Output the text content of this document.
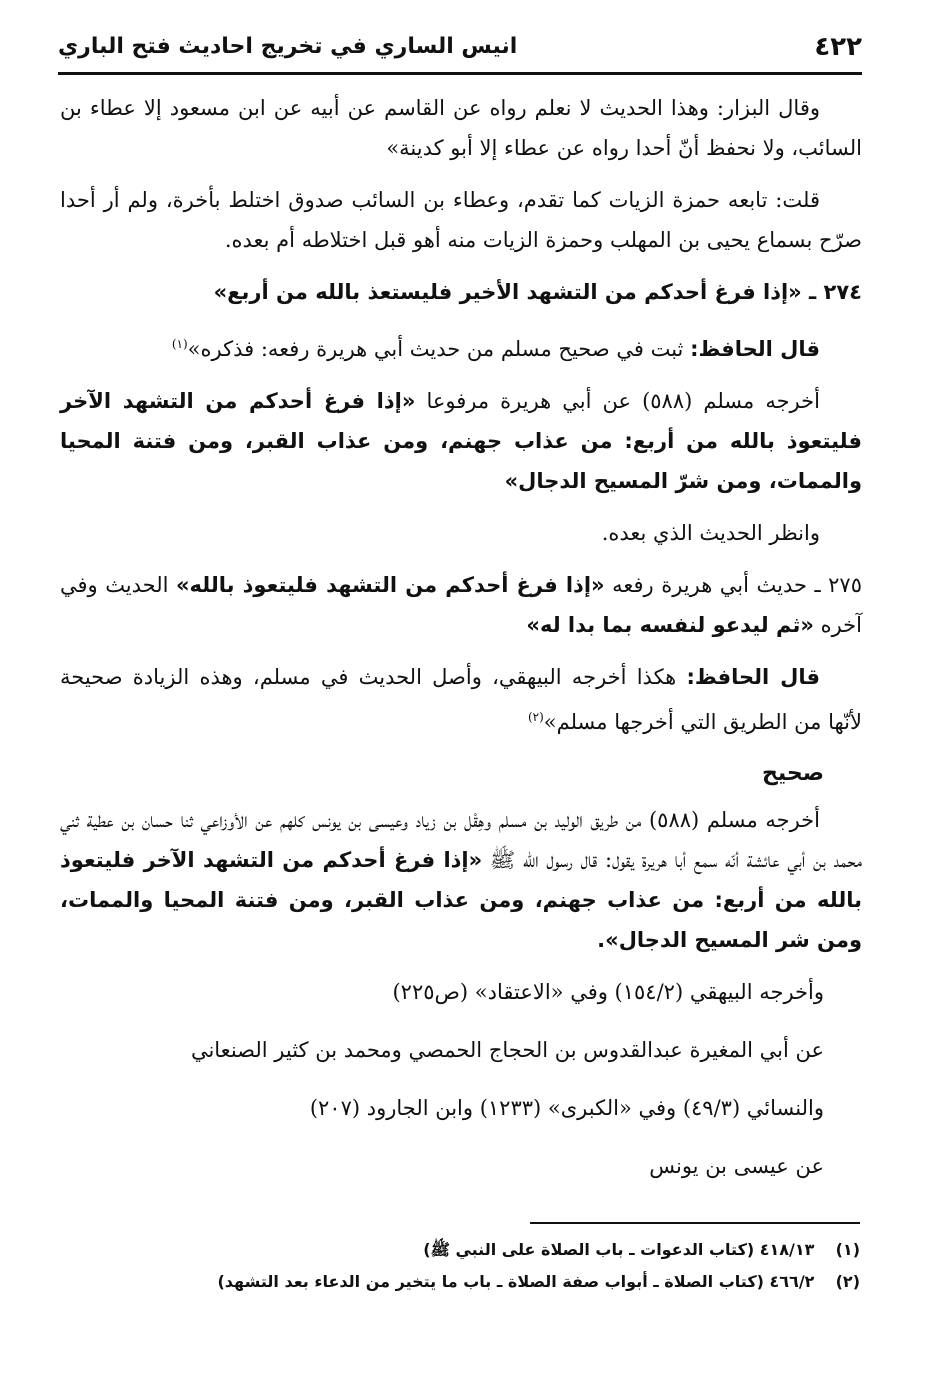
٤٢٢
انيس الساري في تخريج احاديث فتح الباري

وقال البزار: وهذا الحديث لا نعلم رواه عن القاسم عن أبيه عن ابن مسعود إلا عطاء بن السائب، ولا نحفظ أنّ أحدا رواه عن عطاء إلا أبو كدينة»

قلت: تابعه حمزة الزيات كما تقدم، وعطاء بن السائب صدوق اختلط بأخرة، ولم أر أحدا صرّح بسماع يحيى بن المهلب وحمزة الزيات منه أهو قبل اختلاطه أم بعده.

٢٧٤ ـ «إذا فرغ أحدكم من التشهد الأخير فليستعذ بالله من أربع»

قال الحافظ: ثبت في صحيح مسلم من حديث أبي هريرة رفعه: فذكره»$^{(١)}$

أخرجه مسلم (٥٨٨) عن أبي هريرة مرفوعا «إذا فرغ أحدكم من التشهد الآخر فليتعوذ بالله من أربع: من عذاب جهنم، ومن عذاب القبر، ومن فتنة المحيا والممات، ومن شرّ المسيح الدجال»

وانظر الحديث الذي بعده.

٢٧٥ ـ حديث أبي هريرة رفعه «إذا فرغ أحدكم من التشهد فليتعوذ بالله» الحديث وفي آخره «ثم ليدعو لنفسه بما بدا له»

قال الحافظ: هكذا أخرجه البيهقي، وأصل الحديث في مسلم، وهذه الزيادة صحيحة لأنّها من الطريق التي أخرجها مسلم»$^{(٢)}$

صحيح

أخرجه مسلم (٥٨٨) من طريق الوليد بن مسلم وهِقْل بن زياد وعيسى بن يونس كلهم عن الأوزاعي ثنا حسان بن عطية ثني محمد بن أبي عائشة أنّه سمع أبا هريرة يقول: قال رسول الله ﷺ «إذا فرغ أحدكم من التشهد الآخر فليتعوذ بالله من أربع: من عذاب جهنم، ومن عذاب القبر، ومن فتنة المحيا والممات، ومن شر المسيح الدجال».

وأخرجه البيهقي (١٥٤/٢) وفي «الاعتقاد» (ص٢٢٥)

عن أبي المغيرة عبدالقدوس بن الحجاج الحمصي ومحمد بن كثير الصنعاني

والنسائي (٤٩/٣) وفي «الكبرى» (١٢٣٣) وابن الجارود (٢٠٧)

عن عيسى بن يونس

(١) ٤١٨/١٣ (كتاب الدعوات ـ باب الصلاة على النبي ﷺ)
(٢) ٤٦٦/٢ (كتاب الصلاة ـ أبواب صفة الصلاة ـ باب ما يتخير من الدعاء بعد التشهد)
